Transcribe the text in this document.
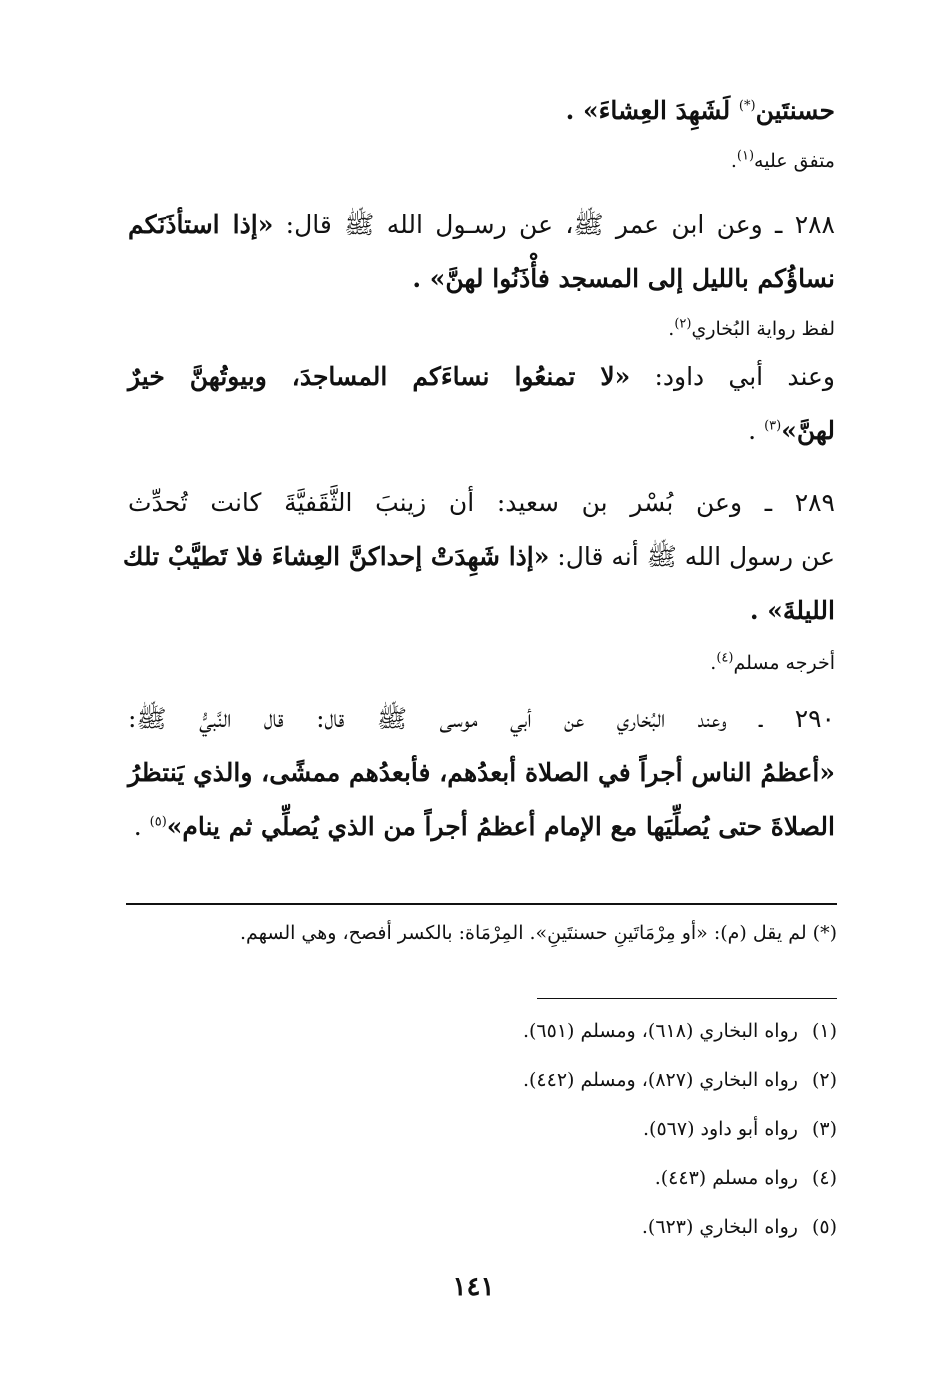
حسنتَين(*) لَشَهِدَ العِشاءَ» .
متفق عليه$^{(١)}$.
٢٨٨ ـ وعن ابن عمر ﷺ، عن رسـول الله ﷺ قال: «إذا استأذَنَكم
نساؤُكم بالليل إلى المسجد فأْذَنُوا لهنَّ» .
لفظ رواية البُخاري$^{(٢)}$.
وعند أبي داود: «لا تمنعُوا نساءَكم المساجدَ، وبيوتُهنَّ خيرٌ
لهنَّ»$^{(٣)}$ .
٢٨٩ ـ وعن بُسْر بن سعيد: أن زينبَ الثَّقَفيَّةَ كانت تُحدِّث
عن رسول الله ﷺ أنه قال: «إذا شَهِدَتْ إحداكنَّ العِشاءَ فلا تَطيَّبْ تلك
الليلةَ» .
أخرجه مسلم$^{(٤)}$.
٢٩٠ ـ وعند البُخاري عن أبي موسى ﷺ قال: قال النَّبيُّ ﷺ:
«أعظمُ الناس أجراً في الصلاة أبعدُهم، فأبعدُهم ممشًى، والذي يَنتظرُ
الصلاةَ حتى يُصلِّيَها مع الإمام أعظمُ أجراً من الذي يُصلِّي ثم ينام»$^{(٥)}$ .
(*) لم يقل (م): «أو مِرْمَاتَينِ حسنتَينِ». المِرْمَاة: بالكسر أفصح، وهي السهم.
(١)رواه البخاري (٦١٨)، ومسلم (٦٥١).
(٢)رواه البخاري (٨٢٧)، ومسلم (٤٤٢).
(٣)رواه أبو داود (٥٦٧).
(٤)رواه مسلم (٤٤٣).
(٥)رواه البخاري (٦٢٣).
١٤١
